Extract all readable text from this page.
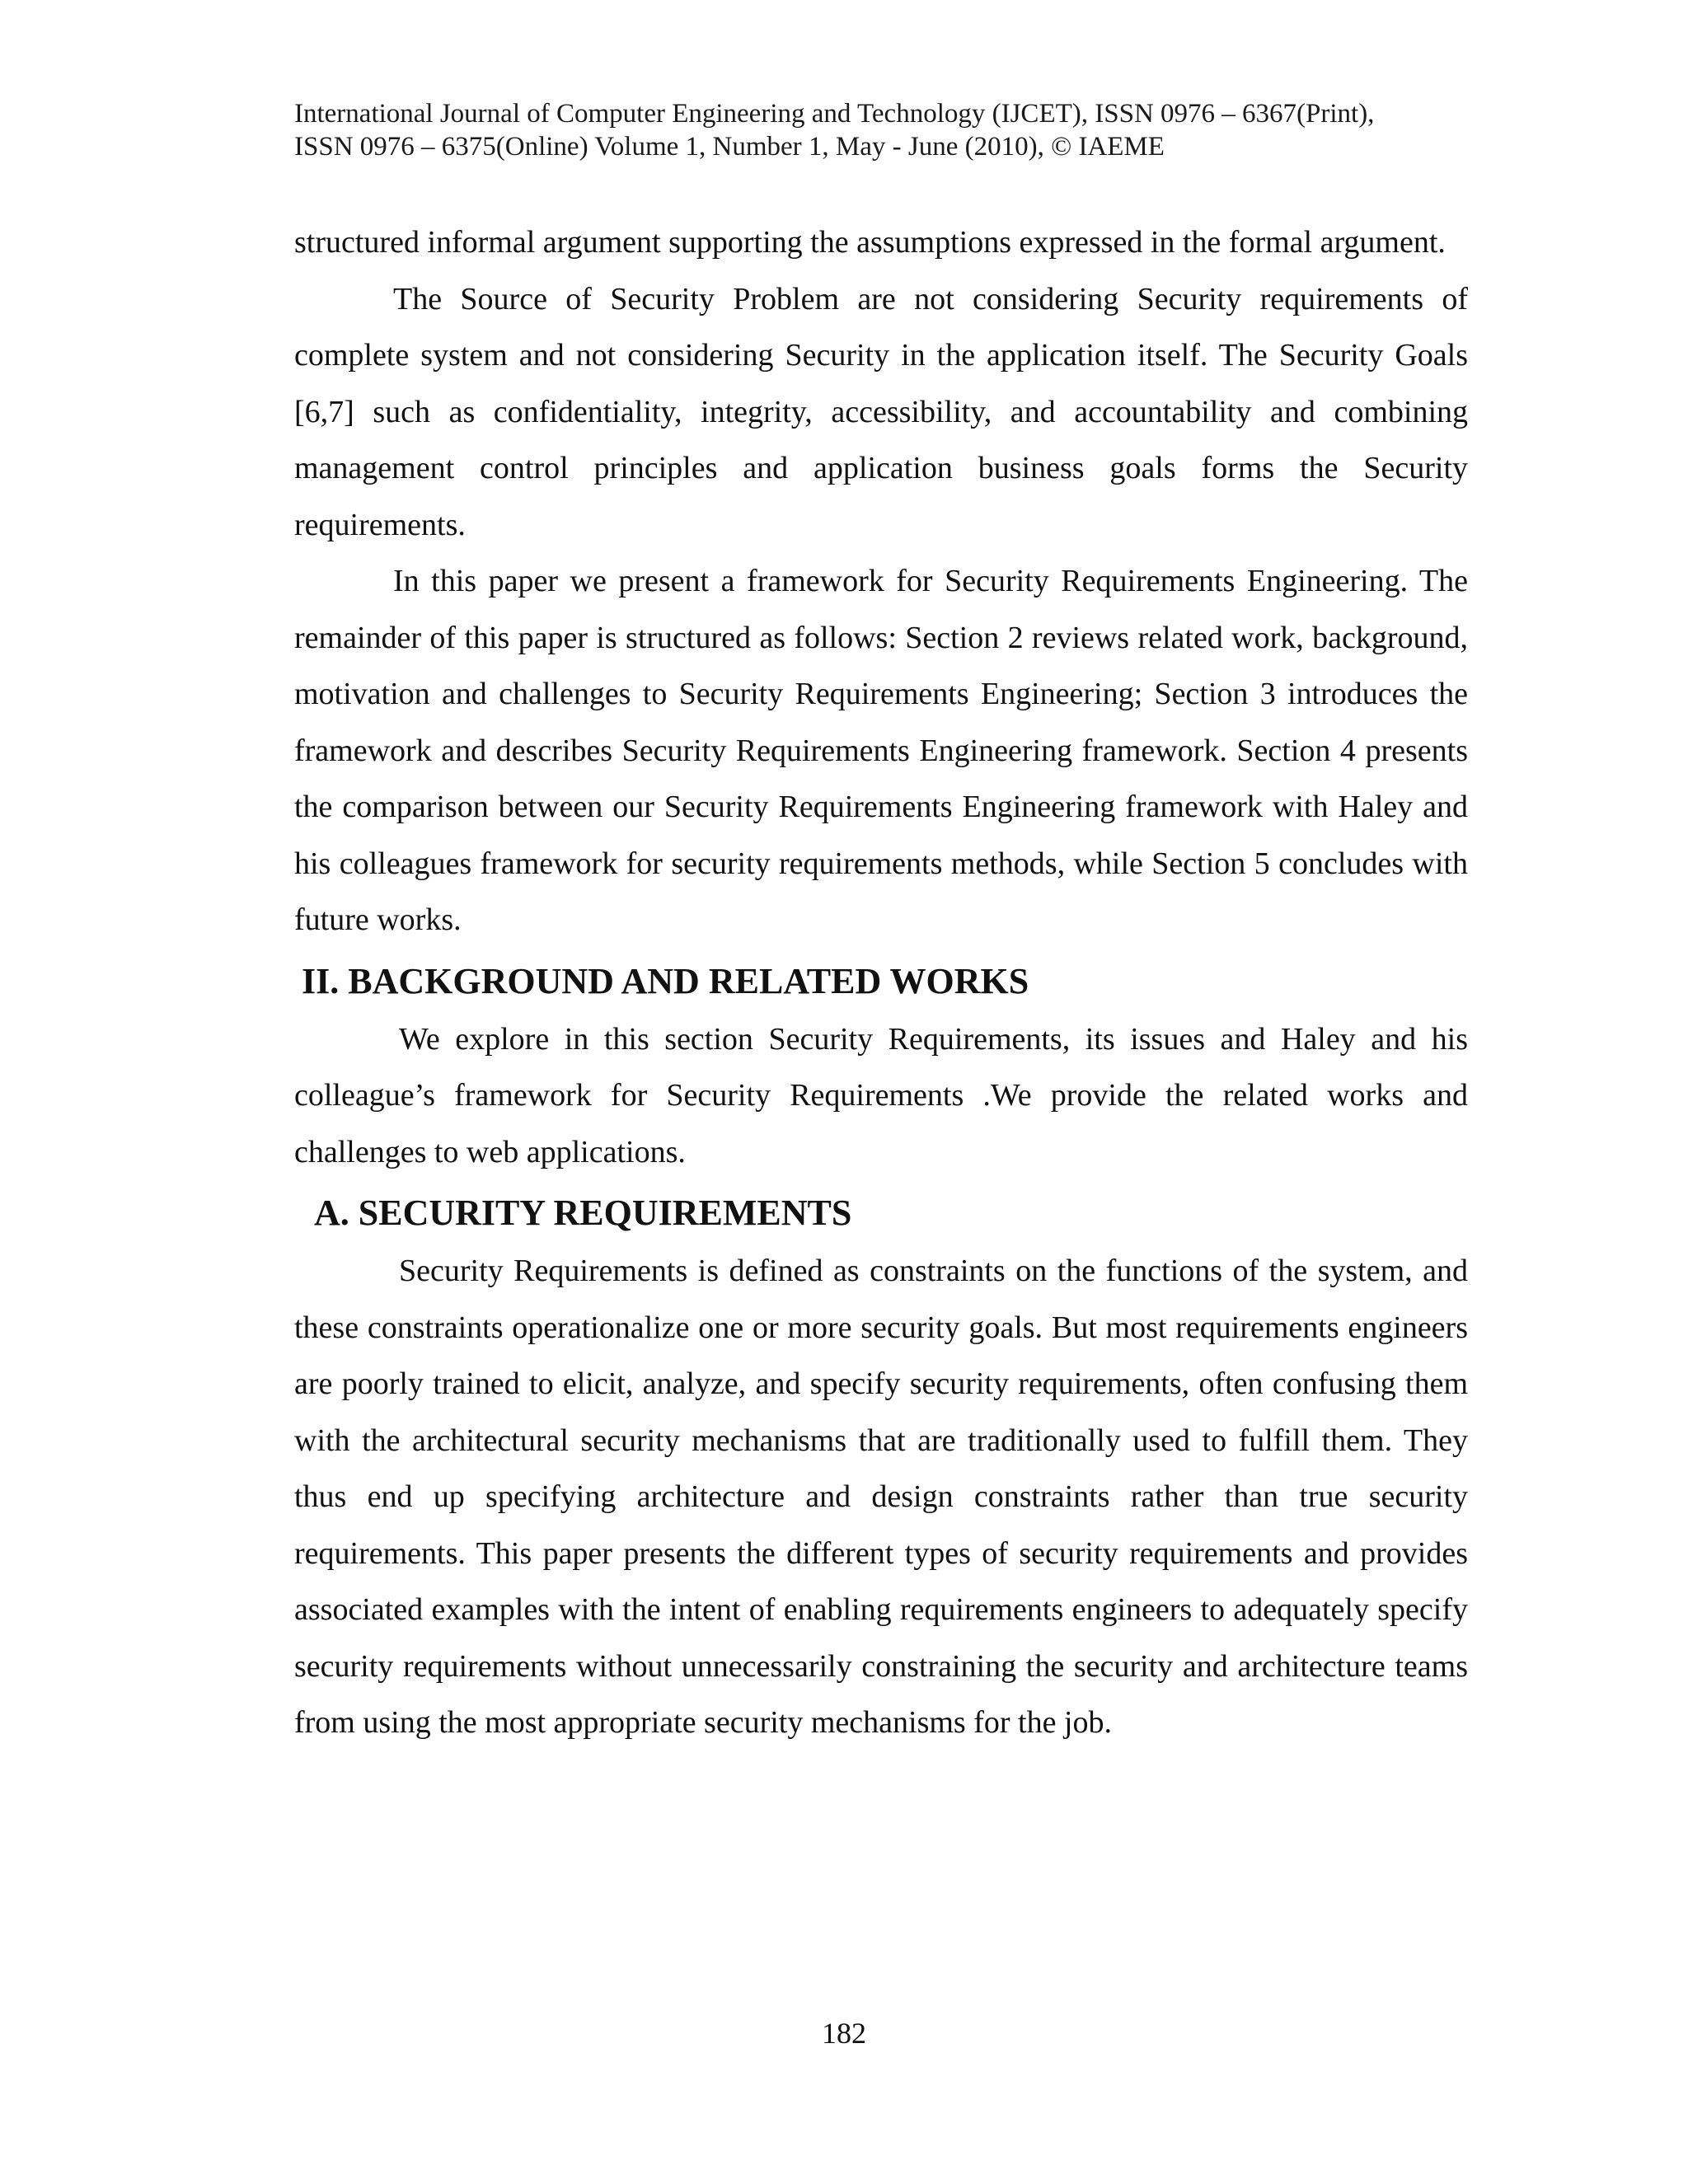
International Journal of Computer Engineering and Technology (IJCET), ISSN 0976 – 6367(Print),
ISSN 0976 – 6375(Online) Volume 1, Number 1, May - June (2010), © IAEME

structured informal argument supporting the assumptions expressed in the formal argument.

The Source of Security Problem are not considering Security requirements of complete system and not considering Security in the application itself. The Security Goals [6,7] such as confidentiality, integrity, accessibility, and accountability and combining management control principles and application business goals forms the Security requirements.

In this paper we present a framework for Security Requirements Engineering. The remainder of this paper is structured as follows: Section 2 reviews related work, background, motivation and challenges to Security Requirements Engineering; Section 3 introduces the framework and describes Security Requirements Engineering framework. Section 4 presents the comparison between our Security Requirements Engineering framework with Haley and his colleagues framework for security requirements methods, while Section 5 concludes with future works.

II. BACKGROUND AND RELATED WORKS

We explore in this section Security Requirements, its issues and Haley and his colleague’s framework for Security Requirements .We provide the related works and challenges to web applications.

A. SECURITY REQUIREMENTS

Security Requirements is defined as constraints on the functions of the system, and these constraints operationalize one or more security goals. But most requirements engineers are poorly trained to elicit, analyze, and specify security requirements, often confusing them with the architectural security mechanisms that are traditionally used to fulfill them. They thus end up specifying architecture and design constraints rather than true security requirements. This paper presents the different types of security requirements and provides associated examples with the intent of enabling requirements engineers to adequately specify security requirements without unnecessarily constraining the security and architecture teams from using the most appropriate security mechanisms for the job.

182
